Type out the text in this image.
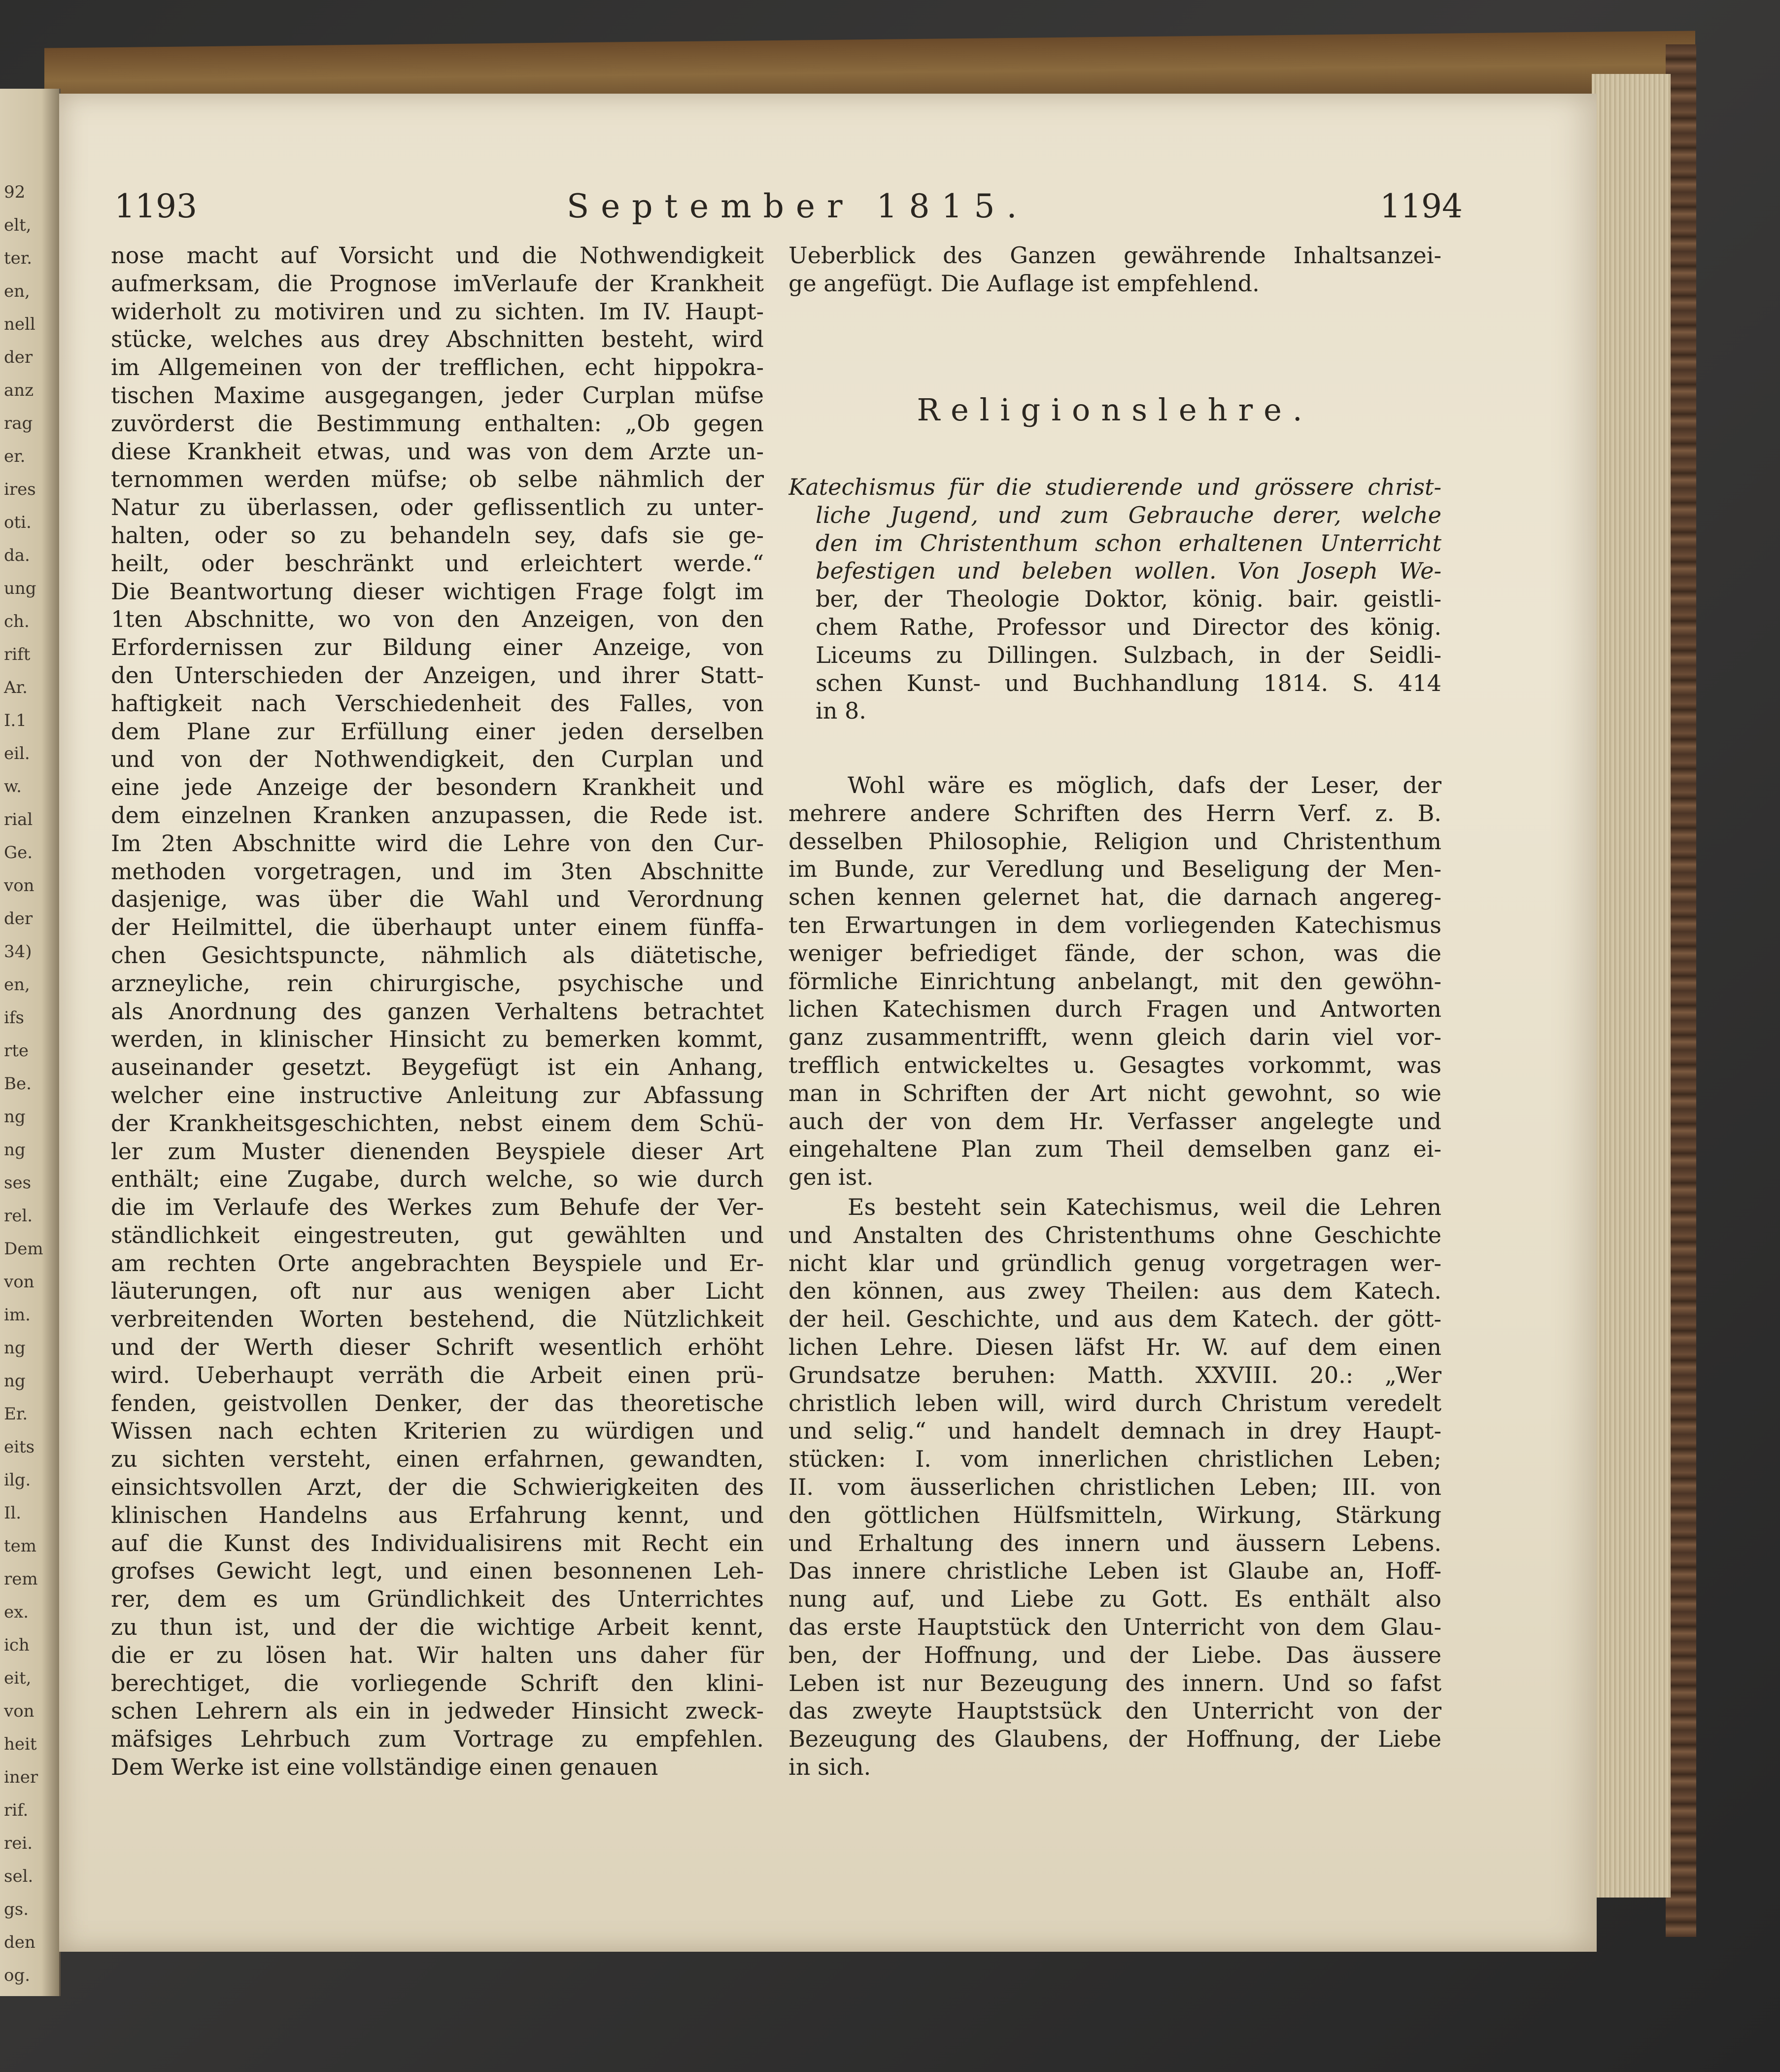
92
elt,
ter.
en,
nell
der
anz
rag
er.
ires
oti.
da.
ung
ch.
rift
Ar.
I.1
eil.
w.
rial
Ge.
von
der
34)
en,
ifs
rte
Be.
ng
ng
ses
rel.
Dem
von
im.
ng
ng
Er.
eits
ilg.
Il.
tem
rem
ex.
ich
eit,
von
heit
iner
rif.
rei.
sel.
gs.
den
og.
1193	September 1815.	1194
nose macht auf Vorsicht und die Nothwendigkeit
aufmerksam, die Prognose imVerlaufe der Krankheit
widerholt zu motiviren und zu sichten. Im IV. Haupt-
stücke, welches aus drey Abschnitten besteht, wird
im Allgemeinen von der trefflichen, echt hippokra-
tischen Maxime ausgegangen, jeder Curplan müfse
zuvörderst die Bestimmung enthalten: „Ob gegen
diese Krankheit etwas, und was von dem Arzte un-
ternommen werden müfse; ob selbe nähmlich der
Natur zu überlassen, oder geflissentlich zu unter-
halten, oder so zu behandeln sey, dafs sie ge-
heilt, oder beschränkt und erleichtert werde.“
Die Beantwortung dieser wichtigen Frage folgt im
1ten Abschnitte, wo von den Anzeigen, von den
Erfordernissen zur Bildung einer Anzeige, von
den Unterschieden der Anzeigen, und ihrer Statt-
haftigkeit nach Verschiedenheit des Falles, von
dem Plane zur Erfüllung einer jeden derselben
und von der Nothwendigkeit, den Curplan und
eine jede Anzeige der besondern Krankheit und
dem einzelnen Kranken anzupassen, die Rede ist.
Im 2ten Abschnitte wird die Lehre von den Cur-
methoden vorgetragen, und im 3ten Abschnitte
dasjenige, was über die Wahl und Verordnung
der Heilmittel, die überhaupt unter einem fünffa-
chen Gesichtspuncte, nähmlich als diätetische,
arzneyliche, rein chirurgische, psychische und
als Anordnung des ganzen Verhaltens betrachtet
werden, in klinischer Hinsicht zu bemerken kommt,
auseinander gesetzt. Beygefügt ist ein Anhang,
welcher eine instructive Anleitung zur Abfassung
der Krankheitsgeschichten, nebst einem dem Schü-
ler zum Muster dienenden Beyspiele dieser Art
enthält; eine Zugabe, durch welche, so wie durch
die im Verlaufe des Werkes zum Behufe der Ver-
ständlichkeit eingestreuten, gut gewählten und
am rechten Orte angebrachten Beyspiele und Er-
läuterungen, oft nur aus wenigen aber Licht
verbreitenden Worten bestehend, die Nützlichkeit
und der Werth dieser Schrift wesentlich erhöht
wird. Ueberhaupt verräth die Arbeit einen prü-
fenden, geistvollen Denker, der das theoretische
Wissen nach echten Kriterien zu würdigen und
zu sichten versteht, einen erfahrnen, gewandten,
einsichtsvollen Arzt, der die Schwierigkeiten des
klinischen Handelns aus Erfahrung kennt, und
auf die Kunst des Individualisirens mit Recht ein
grofses Gewicht legt, und einen besonnenen Leh-
rer, dem es um Gründlichkeit des Unterrichtes
zu thun ist, und der die wichtige Arbeit kennt,
die er zu lösen hat. Wir halten uns daher für
berechtiget, die vorliegende Schrift den klini-
schen Lehrern als ein in jedweder Hinsicht zweck-
mäfsiges Lehrbuch zum Vortrage zu empfehlen.
Dem Werke ist eine vollständige einen genauen
Ueberblick des Ganzen gewährende Inhaltsanzei-
ge angefügt. Die Auflage ist empfehlend.
Religionslehre.
Katechismus für die studierende und grössere christ-
liche Jugend, und zum Gebrauche derer, welche
den im Christenthum schon erhaltenen Unterricht
befestigen und beleben wollen. Von Joseph We-
ber, der Theologie Doktor, könig. bair. geistli-
chem Rathe, Professor und Director des könig.
Liceums zu Dillingen. Sulzbach, in der Seidli-
schen Kunst- und Buchhandlung 1814. S. 414
in 8.
Wohl wäre es möglich, dafs der Leser, der
mehrere andere Schriften des Herrn Verf. z. B.
desselben Philosophie, Religion und Christenthum
im Bunde, zur Veredlung und Beseligung der Men-
schen kennen gelernet hat, die darnach angereg-
ten Erwartungen in dem vorliegenden Katechismus
weniger befriediget fände, der schon, was die
förmliche Einrichtung anbelangt, mit den gewöhn-
lichen Katechismen durch Fragen und Antworten
ganz zusammentrifft, wenn gleich darin viel vor-
trefflich entwickeltes u. Gesagtes vorkommt, was
man in Schriften der Art nicht gewohnt, so wie
auch der von dem Hr. Verfasser angelegte und
eingehaltene Plan zum Theil demselben ganz ei-
gen ist.
Es besteht sein Katechismus, weil die Lehren
und Anstalten des Christenthums ohne Geschichte
nicht klar und gründlich genug vorgetragen wer-
den können, aus zwey Theilen: aus dem Katech.
der heil. Geschichte, und aus dem Katech. der gött-
lichen Lehre. Diesen läfst Hr. W. auf dem einen
Grundsatze beruhen: Matth. XXVIII. 20.: „Wer
christlich leben will, wird durch Christum veredelt
und selig.“ und handelt demnach in drey Haupt-
stücken: I. vom innerlichen christlichen Leben;
II. vom äusserlichen christlichen Leben; III. von
den göttlichen Hülfsmitteln, Wirkung, Stärkung
und Erhaltung des innern und äussern Lebens.
Das innere christliche Leben ist Glaube an, Hoff-
nung auf, und Liebe zu Gott. Es enthält also
das erste Hauptstück den Unterricht von dem Glau-
ben, der Hoffnung, und der Liebe. Das äussere
Leben ist nur Bezeugung des innern. Und so fafst
das zweyte Hauptstsück den Unterricht von der
Bezeugung des Glaubens, der Hoffnung, der Liebe
in sich.
